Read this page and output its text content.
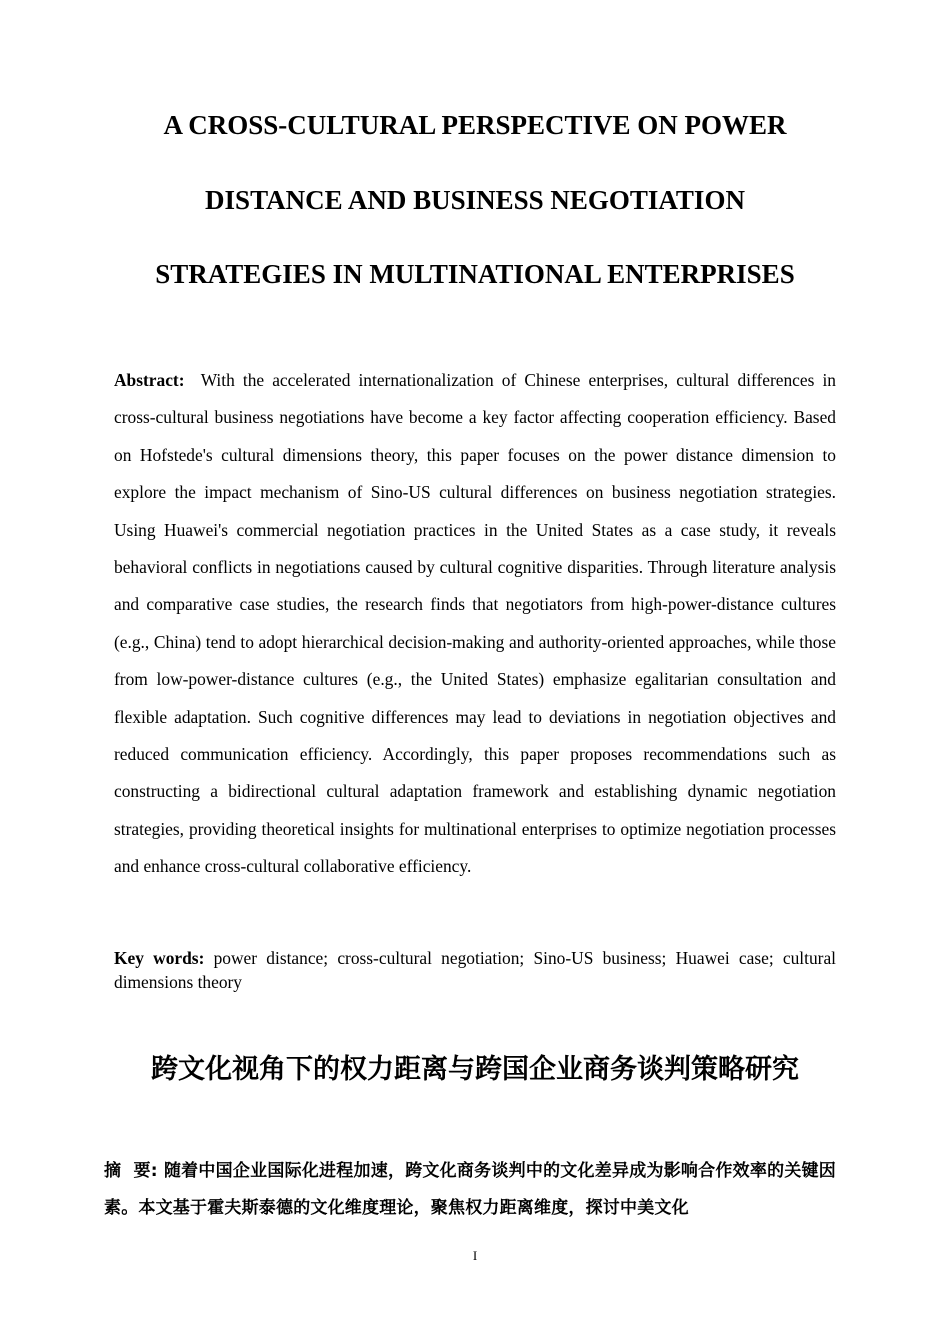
A CROSS-CULTURAL PERSPECTIVE ON POWER
DISTANCE AND BUSINESS NEGOTIATION
STRATEGIES IN MULTINATIONAL ENTERPRISES

Abstract: With the accelerated internationalization of Chinese enterprises, cultural differences in cross-cultural business negotiations have become a key factor affecting cooperation efficiency. Based on Hofstede's cultural dimensions theory, this paper focuses on the power distance dimension to explore the impact mechanism of Sino-US cultural differences on business negotiation strategies. Using Huawei's commercial negotiation practices in the United States as a case study, it reveals behavioral conflicts in negotiations caused by cultural cognitive disparities. Through literature analysis and comparative case studies, the research finds that negotiators from high-power-distance cultures (e.g., China) tend to adopt hierarchical decision-making and authority-oriented approaches, while those from low-power-distance cultures (e.g., the United States) emphasize egalitarian consultation and flexible adaptation. Such cognitive differences may lead to deviations in negotiation objectives and reduced communication efficiency. Accordingly, this paper proposes recommendations such as constructing a bidirectional cultural adaptation framework and establishing dynamic negotiation strategies, providing theoretical insights for multinational enterprises to optimize negotiation processes and enhance cross-cultural collaborative efficiency.

Key words: power distance; cross-cultural negotiation; Sino-US business; Huawei case; cultural dimensions theory

跨文化视角下的权力距离与跨国企业商务谈判策略研究

摘  要: 随着中国企业国际化进程加速，跨文化商务谈判中的文化差异成为影响合作效率的关键因素。本文基于霍夫斯泰德的文化维度理论，聚焦权力距离维度，探讨中美文化

I
